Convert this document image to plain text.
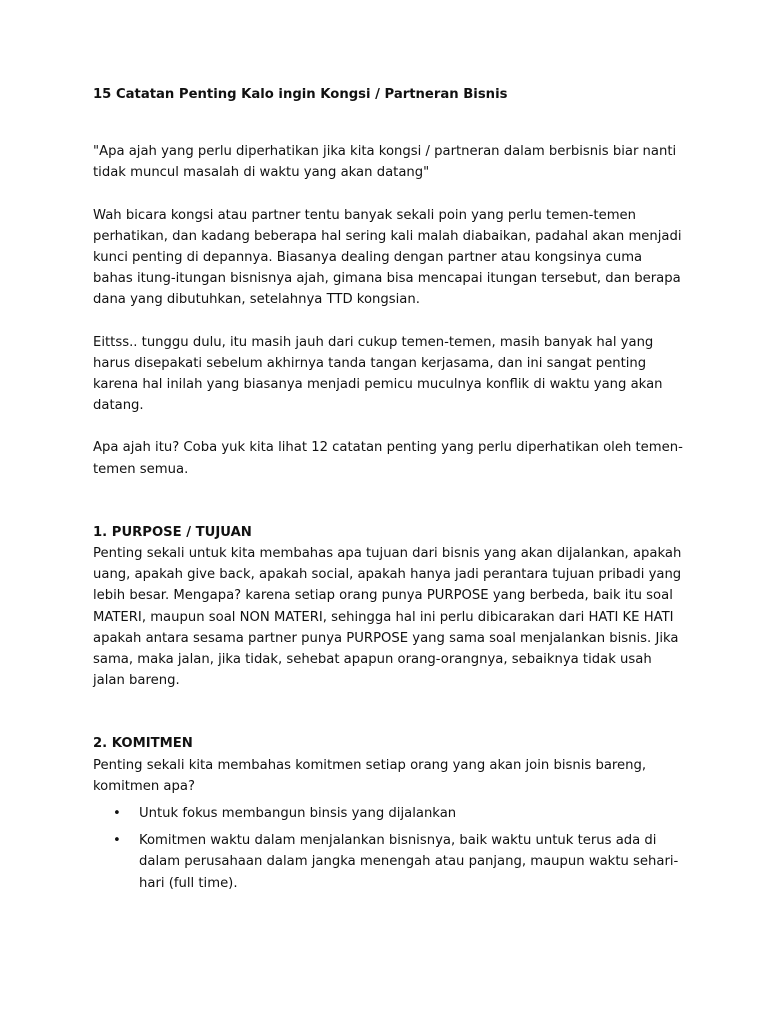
15 Catatan Penting Kalo ingin Kongsi / Partneran Bisnis

"Apa ajah yang perlu diperhatikan jika kita kongsi / partneran dalam berbisnis biar nanti tidak muncul masalah di waktu yang akan datang"

Wah bicara kongsi atau partner tentu banyak sekali poin yang perlu temen-temen perhatikan, dan kadang beberapa hal sering kali malah diabaikan, padahal akan menjadi kunci penting di depannya. Biasanya dealing dengan partner atau kongsinya cuma bahas itung-itungan bisnisnya ajah, gimana bisa mencapai itungan tersebut, dan berapa dana yang dibutuhkan, setelahnya TTD kongsian.

Eittss.. tunggu dulu, itu masih jauh dari cukup temen-temen, masih banyak hal yang harus disepakati sebelum akhirnya tanda tangan kerjasama, dan ini sangat penting karena hal inilah yang biasanya menjadi pemicu muculnya konflik di waktu yang akan datang.

Apa ajah itu? Coba yuk kita lihat 12 catatan penting yang perlu diperhatikan oleh temen-temen semua.

1. PURPOSE / TUJUAN

Penting sekali untuk kita membahas apa tujuan dari bisnis yang akan dijalankan, apakah uang, apakah give back, apakah social, apakah hanya jadi perantara tujuan pribadi yang lebih besar. Mengapa? karena setiap orang punya PURPOSE yang berbeda, baik itu soal MATERI, maupun soal NON MATERI, sehingga hal ini perlu dibicarakan dari HATI KE HATI apakah antara sesama partner punya PURPOSE yang sama soal menjalankan bisnis. Jika sama, maka jalan, jika tidak, sehebat apapun orang-orangnya, sebaiknya tidak usah jalan bareng.

2. KOMITMEN

Penting sekali kita membahas komitmen setiap orang yang akan join bisnis bareng, komitmen apa?

• Untuk fokus membangun binsis yang dijalankan
• Komitmen waktu dalam menjalankan bisnisnya, baik waktu untuk terus ada di dalam perusahaan dalam jangka menengah atau panjang, maupun waktu sehari-hari (full time).
